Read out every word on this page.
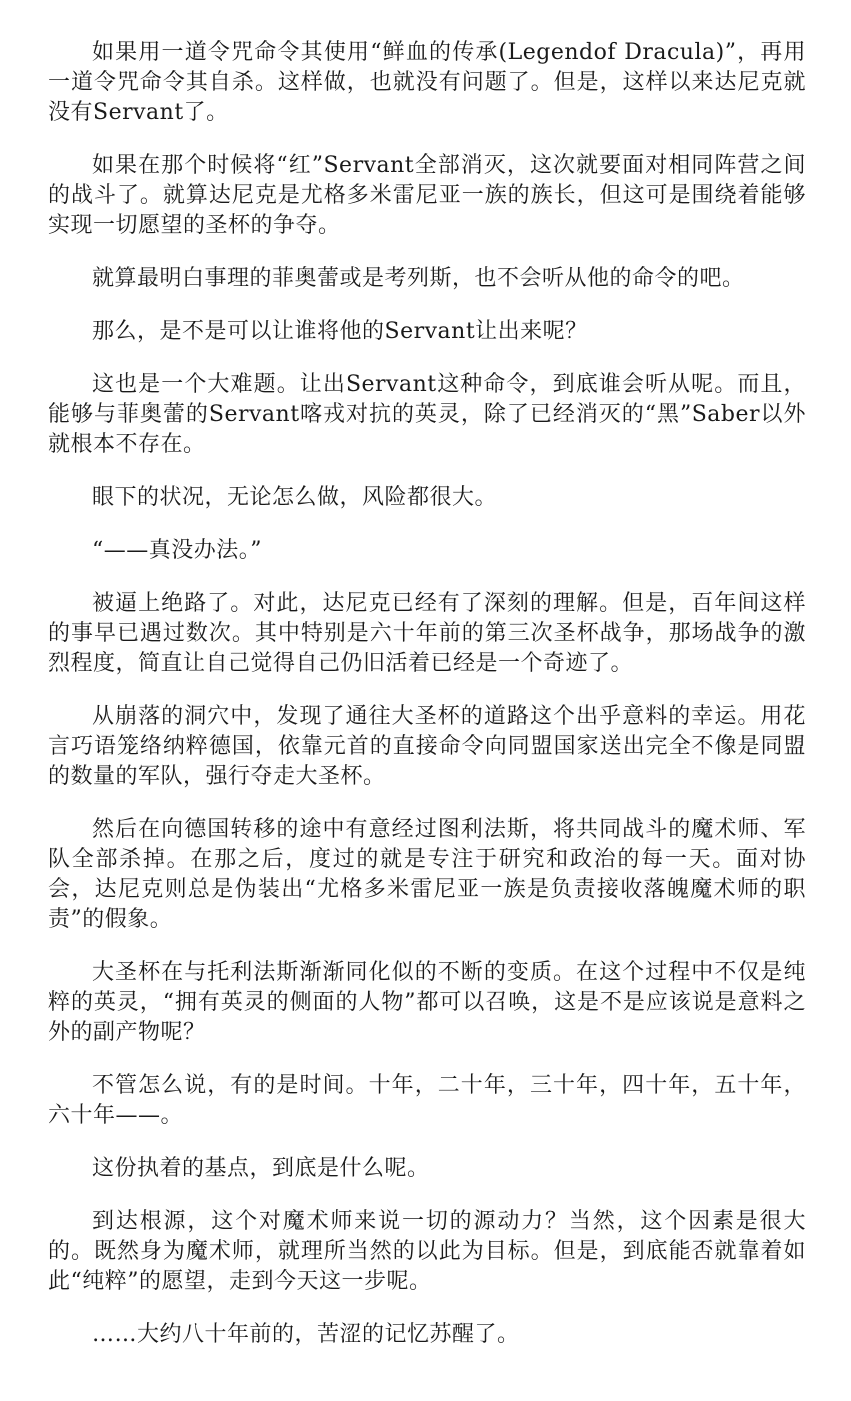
如果用一道令咒命令其使用“鲜血的传承(Legendof Dracula)”，再用一道令咒命令其自杀。这样做，也就没有问题了。但是，这样以来达尼克就没有Servant了。

如果在那个时候将“红”Servant全部消灭，这次就要面对相同阵营之间的战斗了。就算达尼克是尤格多米雷尼亚一族的族长，但这可是围绕着能够实现一切愿望的圣杯的争夺。

就算最明白事理的菲奥蕾或是考列斯，也不会听从他的命令的吧。

那么，是不是可以让谁将他的Servant让出来呢？

这也是一个大难题。让出Servant这种命令，到底谁会听从呢。而且，能够与菲奥蕾的Servant喀戎对抗的英灵，除了已经消灭的“黑”Saber以外就根本不存在。

眼下的状况，无论怎么做，风险都很大。

“——真没办法。”

被逼上绝路了。对此，达尼克已经有了深刻的理解。但是，百年间这样的事早已遇过数次。其中特别是六十年前的第三次圣杯战争，那场战争的激烈程度，简直让自己觉得自己仍旧活着已经是一个奇迹了。

从崩落的洞穴中，发现了通往大圣杯的道路这个出乎意料的幸运。用花言巧语笼络纳粹德国，依靠元首的直接命令向同盟国家送出完全不像是同盟的数量的军队，强行夺走大圣杯。

然后在向德国转移的途中有意经过图利法斯，将共同战斗的魔术师、军队全部杀掉。在那之后，度过的就是专注于研究和政治的每一天。面对协会，达尼克则总是伪装出“尤格多米雷尼亚一族是负责接收落魄魔术师的职责”的假象。

大圣杯在与托利法斯渐渐同化似的不断的变质。在这个过程中不仅是纯粹的英灵，“拥有英灵的侧面的人物”都可以召唤，这是不是应该说是意料之外的副产物呢？

不管怎么说，有的是时间。十年，二十年，三十年，四十年，五十年，六十年——。

这份执着的基点，到底是什么呢。

到达根源，这个对魔术师来说一切的源动力？当然，这个因素是很大的。既然身为魔术师，就理所当然的以此为目标。但是，到底能否就靠着如此“纯粹”的愿望，走到今天这一步呢。

……大约八十年前的，苦涩的记忆苏醒了。
